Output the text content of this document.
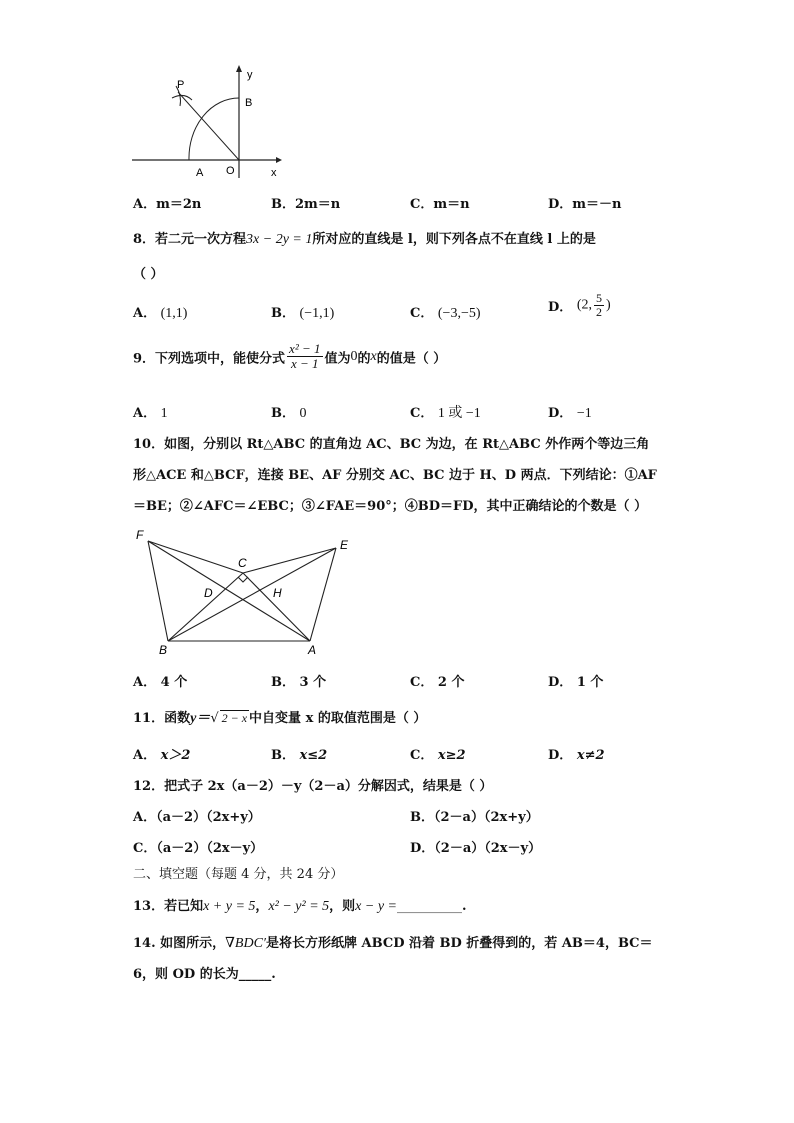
P
y
B
A O	x
A．m＝2n	B．2m＝n	C．m＝n	D．m＝－n
8．若二元一次方程3x − 2y = 1所对应的直线是 l，则下列各点不在直线 l 上的是
（ ）
A． (1,1)	B． (−1,1)	C． (−3,−5)	D． (2, $\frac{5}{2}$ )
9．下列选项中，能使分式 $\frac{\text{x² − 1}}{x - 1}$ 值为0的x的值是（ ）
A． 1	B． 0	C． 1 或 −1	D． −1
10．如图，分别以 Rt△ABC 的直角边 AC、BC 为边，在 Rt△ABC 外作两个等边三角
形△ACE 和△BCF，连接 BE、AF 分别交 AC、BC 边于 H、D 两点．下列结论：①AF
＝BE；②∠AFC＝∠EBC；③∠FAE＝90°；④BD＝FD，其中正确结论的个数是（ ）
F
C
E
D	H
B	A
A． 4 个	B． 3 个	C． 2 个	D． 1 个
11．函数y＝√ 2 − x 中自变量 x 的取值范围是（ ）
A． x＞2	B． x≤2	C． x≥2	D． x≠2
12．把式子 2x（a－2）－y（2－a）分解因式，结果是（ ）
A．（a－2）（2x+y）	B．（2－a）（2x+y）
C．（a－2）（2x－y）	D．（2－a）（2x－y）
二、填空题（每题 4 分，共 24 分）
13．若已知x + y = 5，x² − y² = 5，则x − y =__________.
14. 如图所示，∇BDC′是将长方形纸牌 ABCD 沿着 BD 折叠得到的，若 AB＝4，BC＝
6，则 OD 的长为_____.
